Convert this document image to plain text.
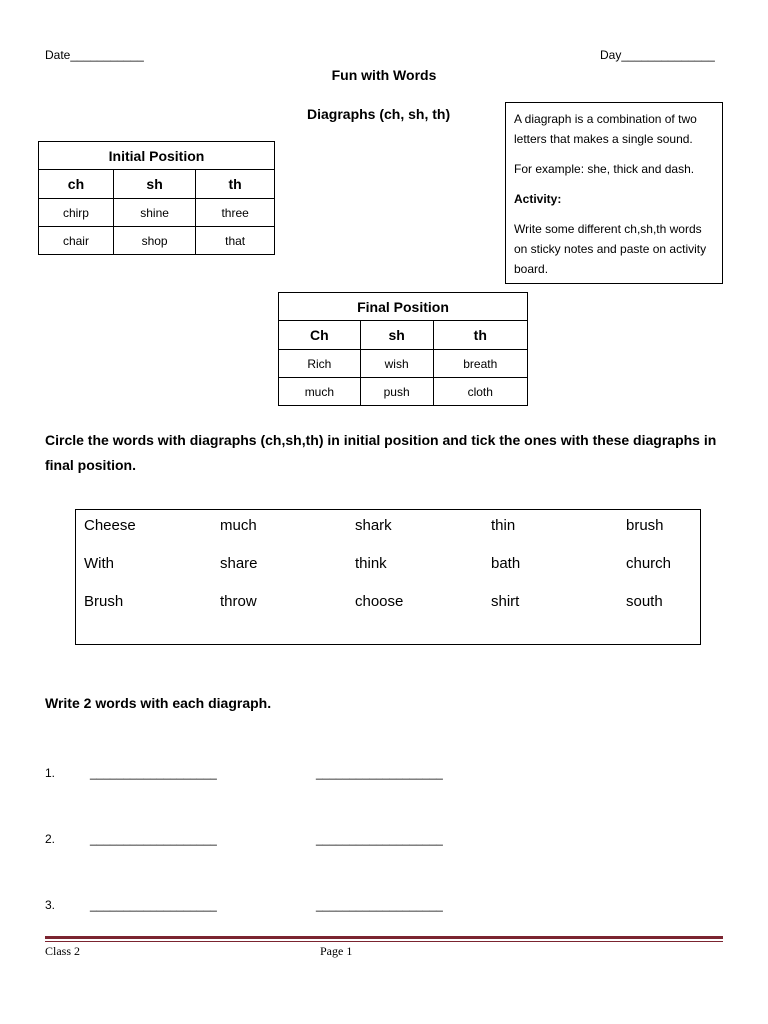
Date___________	Day______________
Fun with Words
Diagraphs (ch, sh, th)	A diagraph is a combination of two letters that makes a single sound.

For example: she, thick and dash.

Activity:

Write some different ch,sh,th words on sticky notes and paste on activity board.

Initial Position		
ch	sh	th
chirp	shine	three
chair	shop	that
Final Position		
Ch	sh	th
Rich	wish	breath
much	push	cloth
Circle the words with diagraphs (ch,sh,th) in initial position and tick the ones with these diagraphs in final position.
Cheese	much	shark	thin	brush
With	share	think	bath	church
Brush	throw	choose	shirt	south
Write 2 words with each diagraph.
1.	___________________	___________________
2.	___________________	___________________
3.	___________________	___________________
Class 2	Page 1
